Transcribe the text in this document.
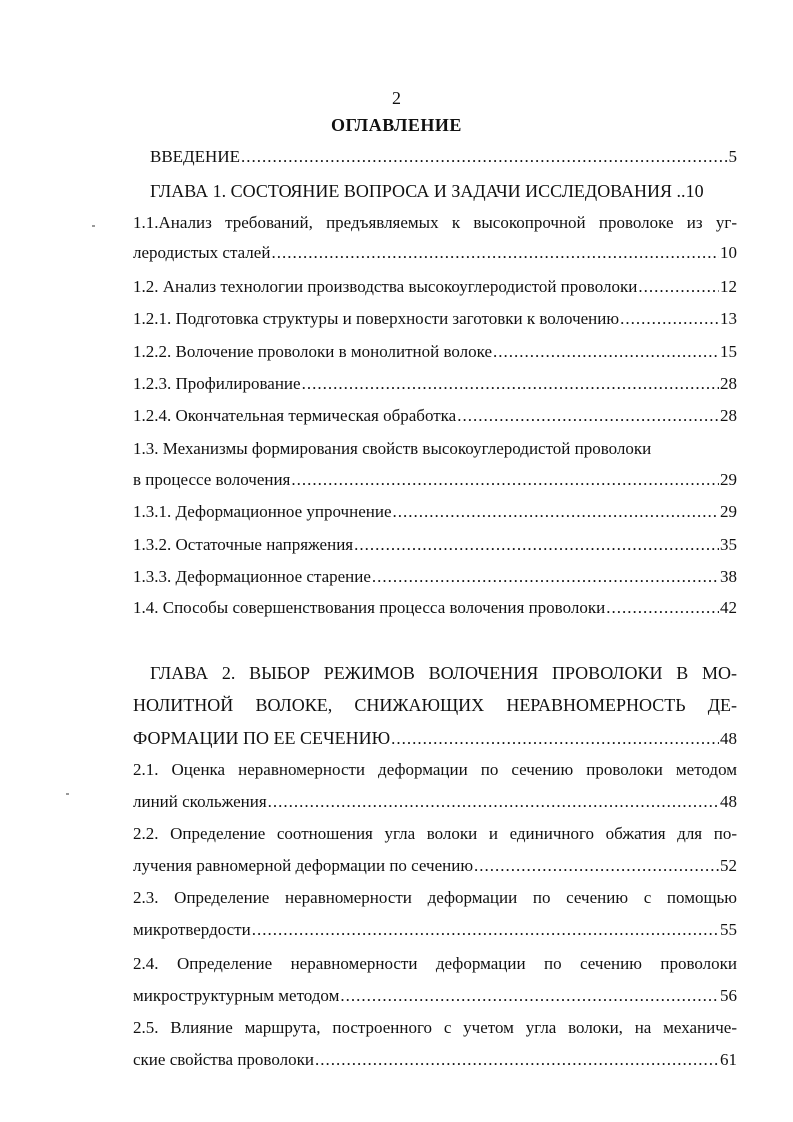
2
ОГЛАВЛЕНИЕ
ВВЕДЕНИЕ .....	5
ГЛАВА 1. СОСТОЯНИЕ ВОПРОСА И ЗАДАЧИ ИССЛЕДОВАНИЯ .. 10
1.1.Анализ требований, предъявляемых к высокопрочной проволоке из уг-
леродистых сталей .....	10
1.2. Анализ технологии производства высокоуглеродистой проволоки .....	12
1.2.1. Подготовка структуры и поверхности заготовки к волочению .....	13
1.2.2. Волочение проволоки в монолитной волоке .....	15
1.2.3. Профилирование .....	28
1.2.4. Окончательная термическая обработка .....	28
1.3. Механизмы формирования свойств высокоуглеродистой проволоки
в процессе волочения .....	29
1.3.1. Деформационное упрочнение .....	29
1.3.2. Остаточные напряжения .....	35
1.3.3. Деформационное старение .....	38
1.4. Способы совершенствования процесса волочения проволоки .....	42
ГЛАВА 2. ВЫБОР РЕЖИМОВ ВОЛОЧЕНИЯ ПРОВОЛОКИ В МО-
НОЛИТНОЙ ВОЛОКЕ, СНИЖАЮЩИХ НЕРАВНОМЕРНОСТЬ ДЕ-
ФОРМАЦИИ ПО ЕЕ СЕЧЕНИЮ .....	48
2.1. Оценка неравномерности деформации по сечению проволоки методом
линий скольжения .....	48
2.2. Определение соотношения угла волоки и единичного обжатия для по-
лучения равномерной деформации по сечению .....	52
2.3. Определение неравномерности деформации по сечению с помощью
микротвердости .....	55
2.4. Определение неравномерности деформации по сечению проволоки
микроструктурным методом .....	56
2.5. Влияние маршрута, построенного с учетом угла волоки, на механиче-
ские свойства проволоки .....	61
